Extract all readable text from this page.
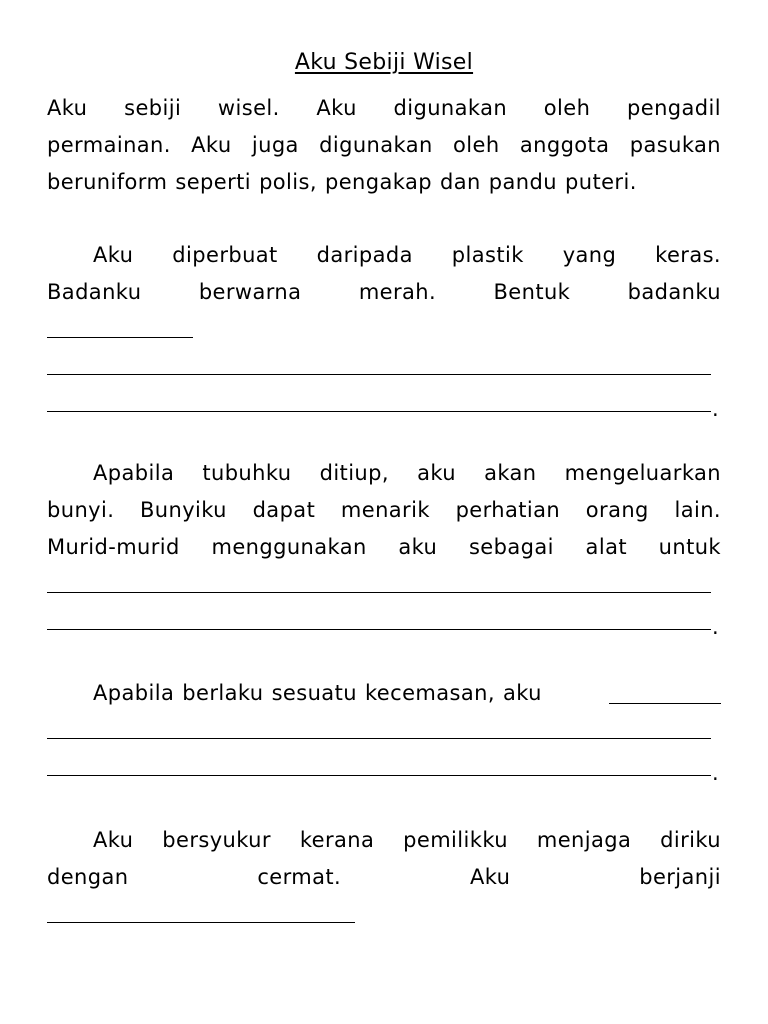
Aku Sebiji Wisel
Aku sebiji wisel. Aku digunakan oleh pengadil
permainan. Aku juga digunakan oleh anggota pasukan
beruniform seperti polis, pengakap dan pandu puteri.
Aku diperbuat daripada plastik yang keras.
Badanku berwarna merah. Bentuk badanku
.
Apabila tubuhku ditiup, aku akan mengeluarkan
bunyi. Bunyiku dapat menarik perhatian orang lain.
Murid-murid menggunakan aku sebagai alat untuk
.
Apabila berlaku sesuatu kecemasan, aku
.
Aku bersyukur kerana pemilikku menjaga diriku
dengan cermat. Aku berjanji
